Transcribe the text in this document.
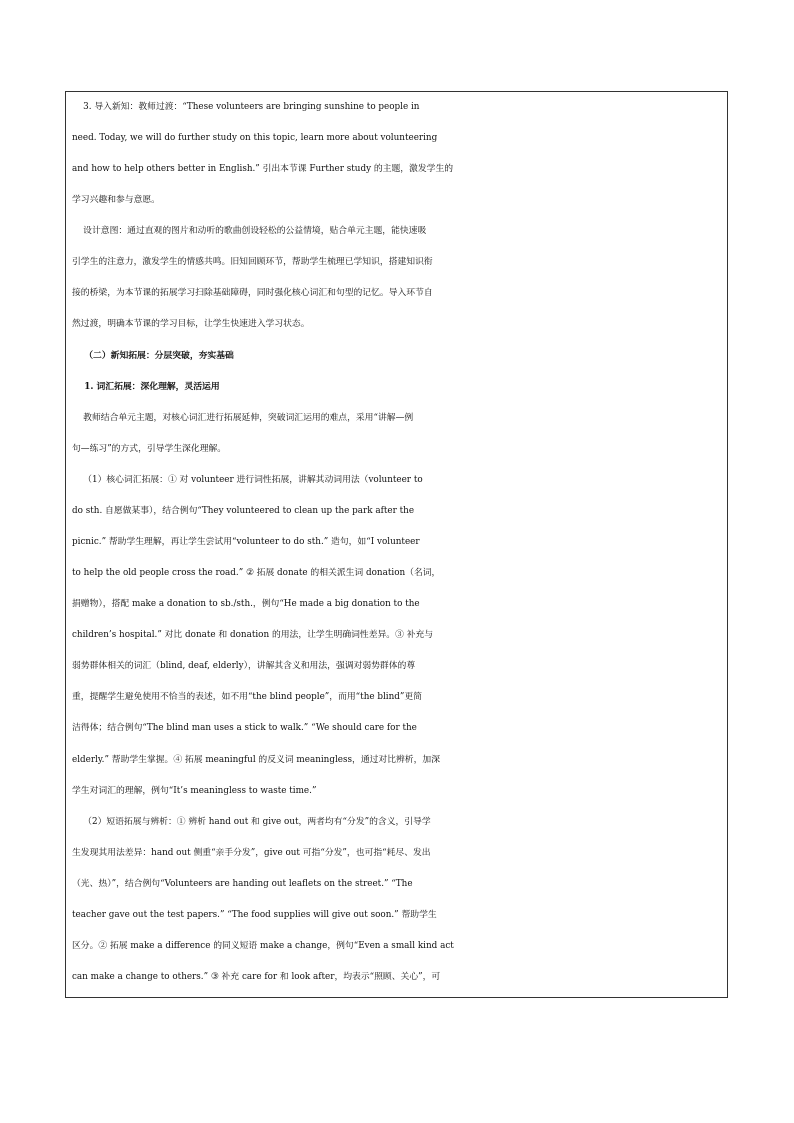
3. 导入新知：教师过渡：“These volunteers are bringing sunshine to people in
need. Today, we will do further study on this topic, learn more about volunteering
and how to help others better in English.” 引出本节课 Further study 的主题，激发学生的
学习兴趣和参与意愿。
设计意图：通过直观的图片和动听的歌曲创设轻松的公益情境，贴合单元主题，能快速吸
引学生的注意力，激发学生的情感共鸣。旧知回顾环节，帮助学生梳理已学知识，搭建知识衔
接的桥梁，为本节课的拓展学习扫除基础障碍，同时强化核心词汇和句型的记忆。导入环节自
然过渡，明确本节课的学习目标，让学生快速进入学习状态。
（二）新知拓展：分层突破，夯实基础
1. 词汇拓展：深化理解，灵活运用
教师结合单元主题，对核心词汇进行拓展延伸，突破词汇运用的难点，采用“讲解—例
句—练习”的方式，引导学生深化理解。
（1）核心词汇拓展：① 对 volunteer 进行词性拓展，讲解其动词用法（volunteer to
do sth. 自愿做某事），结合例句“They volunteered to clean up the park after the
picnic.” 帮助学生理解，再让学生尝试用“volunteer to do sth.” 造句，如“I volunteer
to help the old people cross the road.” ② 拓展 donate 的相关派生词 donation（名词，
捐赠物），搭配 make a donation to sb./sth.，例句“He made a big donation to the
children’s hospital.” 对比 donate 和 donation 的用法，让学生明确词性差异。③ 补充与
弱势群体相关的词汇（blind, deaf, elderly），讲解其含义和用法，强调对弱势群体的尊
重，提醒学生避免使用不恰当的表述，如不用“the blind people”，而用“the blind”更简
洁得体；结合例句“The blind man uses a stick to walk.” “We should care for the
elderly.” 帮助学生掌握。④ 拓展 meaningful 的反义词 meaningless，通过对比辨析，加深
学生对词汇的理解，例句“It’s meaningless to waste time.”
（2）短语拓展与辨析：① 辨析 hand out 和 give out，两者均有“分发”的含义，引导学
生发现其用法差异：hand out 侧重“亲手分发”，give out 可指“分发”，也可指“耗尽、发出
（光、热）”，结合例句“Volunteers are handing out leaflets on the street.” “The
teacher gave out the test papers.” “The food supplies will give out soon.” 帮助学生
区分。② 拓展 make a difference 的同义短语 make a change，例句“Even a small kind act
can make a change to others.” ③ 补充 care for 和 look after，均表示“照顾、关心”，可
